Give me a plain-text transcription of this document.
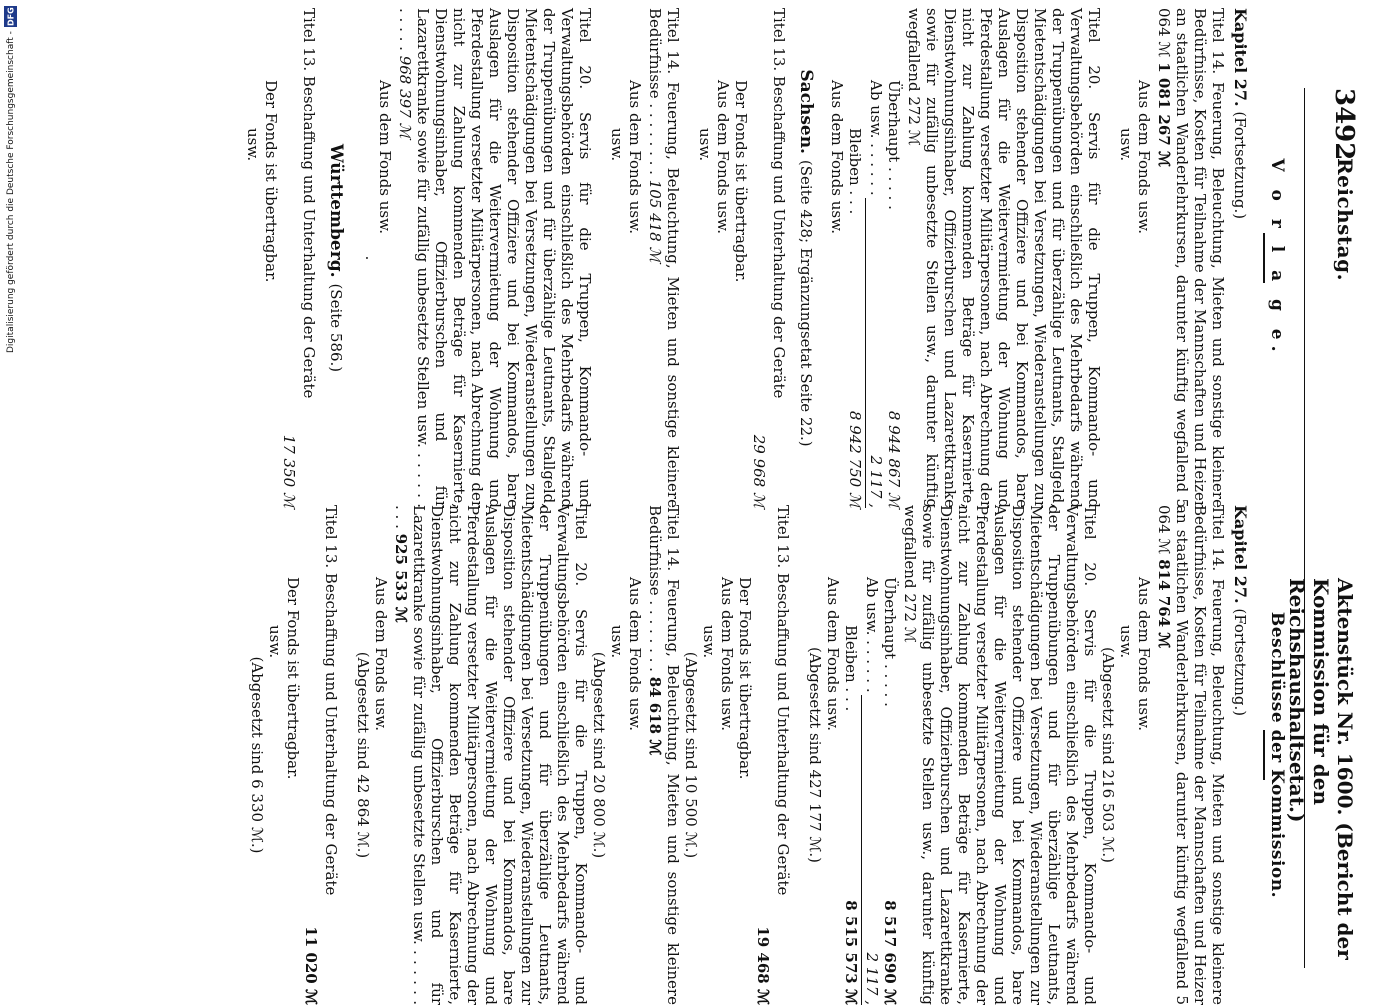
3492
Reichstag.
Aktenstück Nr. 1600. (Bericht der Kommission für den Reichshaushaltsetat.)
V o r l a g e.
Kapitel 27. (Fortsetzung.)
Titel 14. Feuerung, Beleuchtung, Mieten und sonstige kleinere Bedürfnisse, Kosten für Teilnahme der Mannschaften und Heizer an staatlichen Wanderlehrkursen, darunter künftig wegfallend 5 064 ℳ 1 081 267 ℳ
Aus dem Fonds usw.
usw.
Titel 20. Servis für die Truppen, Kommando- und Verwaltungsbehörden einschließlich des Mehrbedarfs während der Truppenübungen und für überzählige Leutnants, Stallgeld, Mietentschädigungen bei Versetzungen, Wiederanstellungen zur Disposition stehender Offiziere und bei Kommandos, bare Auslagen für die Weitervermietung der Wohnung und Pferdestallung versetzter Militärpersonen, nach Abrechnung der nicht zur Zahlung kommenden Beträge für Kasernierte, Dienstwohnungsinhaber, Offizierburschen und Lazarettkranke sowie für zufällig unbesetzte Stellen usw., darunter künftig wegfallend 272 ℳ
Überhaupt . . . . .
8 944 867 ℳ
Ab usw. . . . . . .
2 117 ,
Bleiben . . .
8 942 750 ℳ
Aus dem Fonds usw.
Sachsen. (Seite 428; Ergänzungsetat Seite 22.)
Titel 13. Beschaffung und Unterhaltung der Geräte
29 968 ℳ
Der Fonds ist übertragbar.
Aus dem Fonds usw.
usw.
Titel 14. Feuerung, Beleuchtung, Mieten und sonstige kleinere Bedürfnisse . . . . . . . . 105 418 ℳ
Aus dem Fonds usw.
usw.
Titel 20. Servis für die Truppen, Kommando- und Verwaltungsbehörden einschließlich des Mehrbedarfs während der Truppenübungen und für überzählige Leutnants, Stallgeld, Mietentschädigungen bei Versetzungen, Wiederanstellungen zur Disposition stehender Offiziere und bei Kommandos, bare Auslagen für die Weitervermietung der Wohnung und Pferdestallung versetzter Militärpersonen, nach Abrechnung der nicht zur Zahlung kommenden Beträge für Kasernierte, Dienstwohnungsinhaber, Offizierburschen und für Lazarettkranke sowie für zufällig unbesetzte Stellen usw. . . . . . . . . . . . 968 397 ℳ
Aus dem Fonds usw.
·
Württemberg. (Seite 586.)
Titel 13. Beschaffung und Unterhaltung der Geräte
17 350 ℳ
Der Fonds ist übertragbar.
usw.
Beschlüsse der Kommission.
Kapitel 27. (Fortsetzung.)
Titel 14. Feuerung, Beleuchtung, Mieten und sonstige kleinere Bedürfnisse, Kosten für Teilnahme der Mannschaften und Heizer an staatlichen Wanderlehrkursen, darunter künftig wegfallend 5 064 ℳ 814 764 ℳ
Aus dem Fonds usw.
usw.
(Abgesetzt sind 216 503 ℳ.)
Titel 20. Servis für die Truppen, Kommando- und Verwaltungsbehörden einschließlich des Mehrbedarfs während der Truppenübungen und für überzählige Leutnants, Mietentschädigungen bei Versetzungen, Wiederanstellungen zur Disposition stehender Offiziere und bei Kommandos, bare Auslagen für die Weitervermietung der Wohnung und Pferdestallung versetzter Militärpersonen, nach Abrechnung der nicht zur Zahlung kommenden Beträge für Kasernierte, Dienstwohnungsinhaber, Offizierburschen und Lazarettkranke sowie für zufällig unbesetzte Stellen usw., darunter künftig wegfallend 272 ℳ
Überhaupt . . . . .
8 517 690 ℳ
Ab usw. . . . . . .
2 117 ,
Bleiben . . .
8 515 573 ℳ
Aus dem Fonds usw.
(Abgesetzt sind 427 177 ℳ.)
Titel 13. Beschaffung und Unterhaltung der Geräte
19 468 ℳ
Der Fonds ist übertragbar.
Aus dem Fonds usw.
usw.
(Abgesetzt sind 10 500 ℳ.)
Titel 14. Feuerung, Beleuchtung, Mieten und sonstige kleinere Bedürfnisse . . . . . . . . 84 618 ℳ
Aus dem Fonds usw.
usw.
(Abgesetzt sind 20 800 ℳ.)
Titel 20. Servis für die Truppen, Kommando- und Verwaltungsbehörden einschließlich des Mehrbedarfs während der Truppenübungen und für überzählige Leutnants, Mietentschädigungen bei Versetzungen, Wiederanstellungen zur Disposition stehender Offiziere und bei Kommandos, bare Auslagen für die Weitervermietung der Wohnung und Pferdestallung versetzter Militärpersonen, nach Abrechnung der nicht zur Zahlung kommenden Beträge für Kasernierte, Dienstwohnungsinhaber, Offizierburschen und für Lazarettkranke sowie für zufällig unbesetzte Stellen usw. . . . . . . . . . 925 533 ℳ
Aus dem Fonds usw.
(Abgesetzt sind 42 864 ℳ.)
Titel 13. Beschaffung und Unterhaltung der Geräte
11 020 ℳ
Der Fonds ist übertragbar.
usw.
(Abgesetzt sind 6 330 ℳ.)
Digitalisierung gefördert durch die Deutsche Forschungsgemeinschaft -
DFG
